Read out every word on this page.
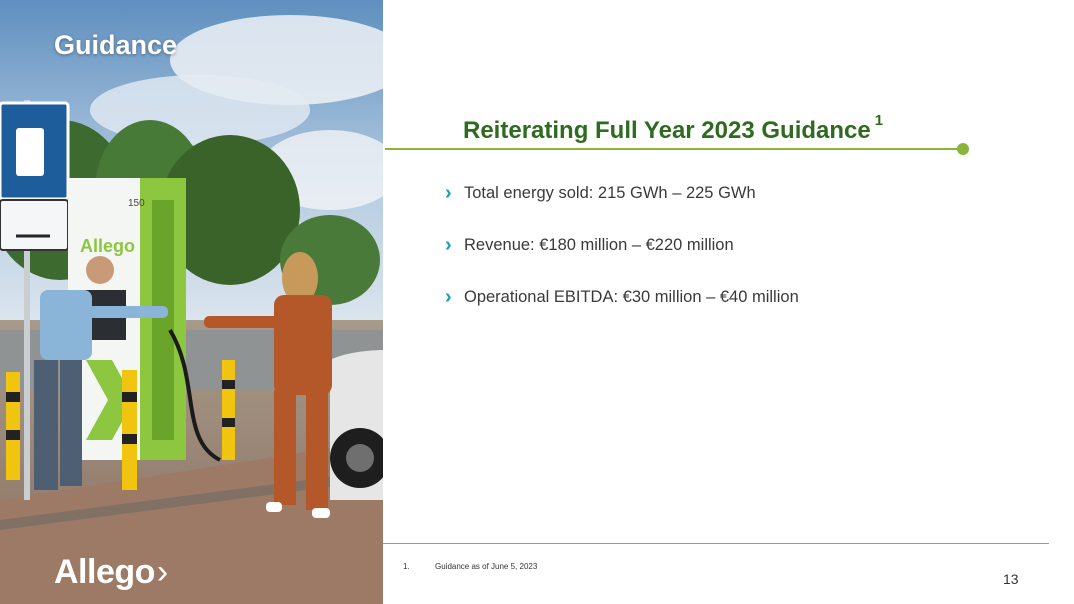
Allego
150
Guidance
Allego›
Reiterating Full Year 2023 Guidance $^1$
› Total energy sold: 215 GWh – 225 GWh
› Revenue: €180 million – €220 million
› Operational EBITDA: €30 million – €40 million
1.	Guidance as of June 5, 2023
13
